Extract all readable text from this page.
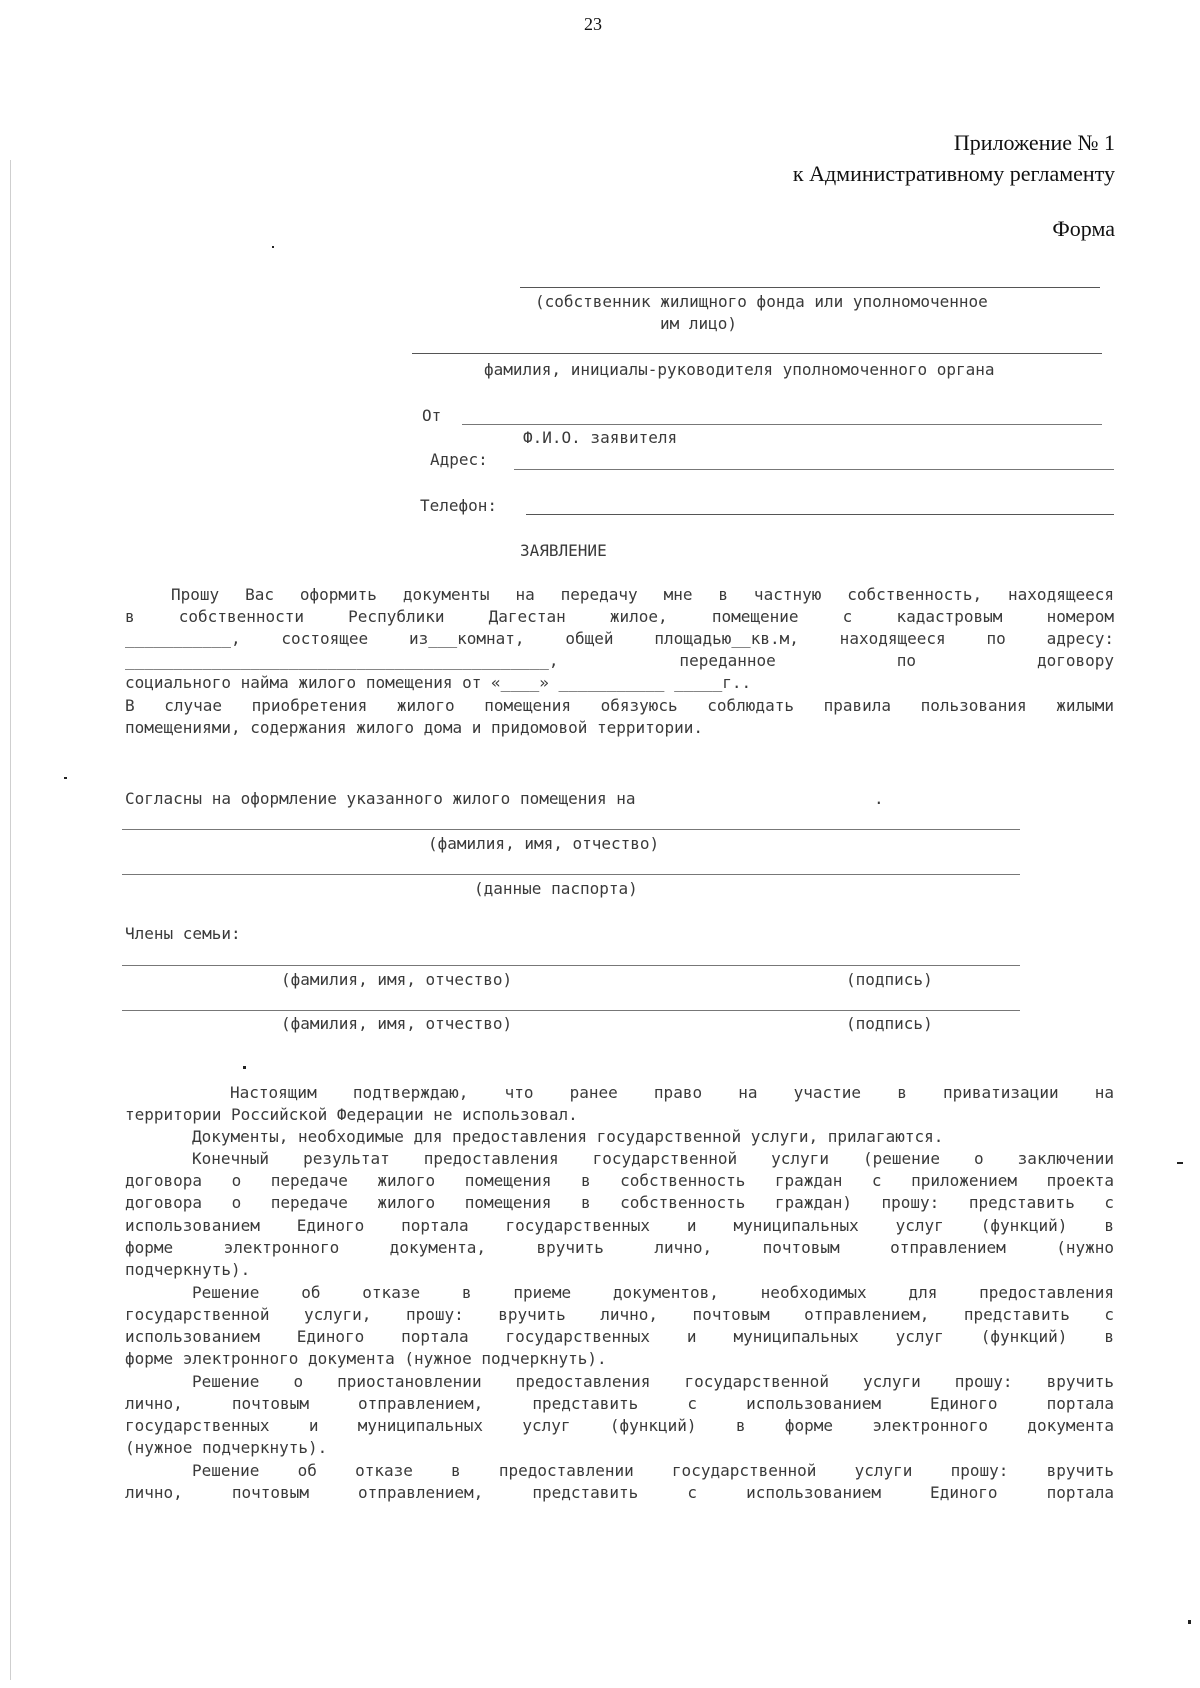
23
Приложение № 1
к Административному регламенту
Форма
(собственник жилищного фонда или уполномоченное
им лицо)
фамилия, инициалы-руководителя уполномоченного органа
От
Ф.И.О. заявителя
Адрес:
Телефон:
ЗАЯВЛЕНИЕ
Прошу Вас оформить документы на передачу мне в частную собственность, находящееся
в собственности Республики Дагестан жилое, помещение с кадастровым номером
___________, состоящее из___комнат, общей площадью__кв.м, находящееся по адресу:
____________________________________________, переданное по договору
социального найма жилого помещения от «____» ___________ _____г..
В случае приобретения жилого помещения обязуюсь соблюдать правила пользования жилыми
помещениями, содержания жилого дома и придомовой территории.
Согласны на оформление указанного жилого помещения на	.
(фамилия, имя, отчество)
(данные паспорта)
Члены семьи:
(фамилия, имя, отчество)	(подпись)
(фамилия, имя, отчество)	(подпись)
Настоящим подтверждаю, что ранее право на участие в приватизации на
территории Российской Федерации не использовал.
Документы, необходимые для предоставления государственной услуги, прилагаются.
Конечный результат предоставления государственной услуги (решение о заключении
договора о передаче жилого помещения в собственность граждан с приложением проекта
договора о передаче жилого помещения в собственность граждан) прошу: представить с
использованием Единого портала государственных и муниципальных услуг (функций) в
форме электронного документа, вручить лично, почтовым отправлением (нужно
подчеркнуть).
Решение об отказе в приеме документов, необходимых для предоставления
государственной услуги, прошу: вручить лично, почтовым отправлением, представить с
использованием Единого портала государственных и муниципальных услуг (функций) в
форме электронного документа (нужное подчеркнуть).
Решение о приостановлении предоставления государственной услуги прошу: вручить
лично, почтовым отправлением, представить с использованием Единого портала
государственных и муниципальных услуг (функций) в форме электронного документа
(нужное подчеркнуть).
Решение об отказе в предоставлении государственной услуги прошу: вручить
лично, почтовым отправлением, представить с использованием Единого портала
